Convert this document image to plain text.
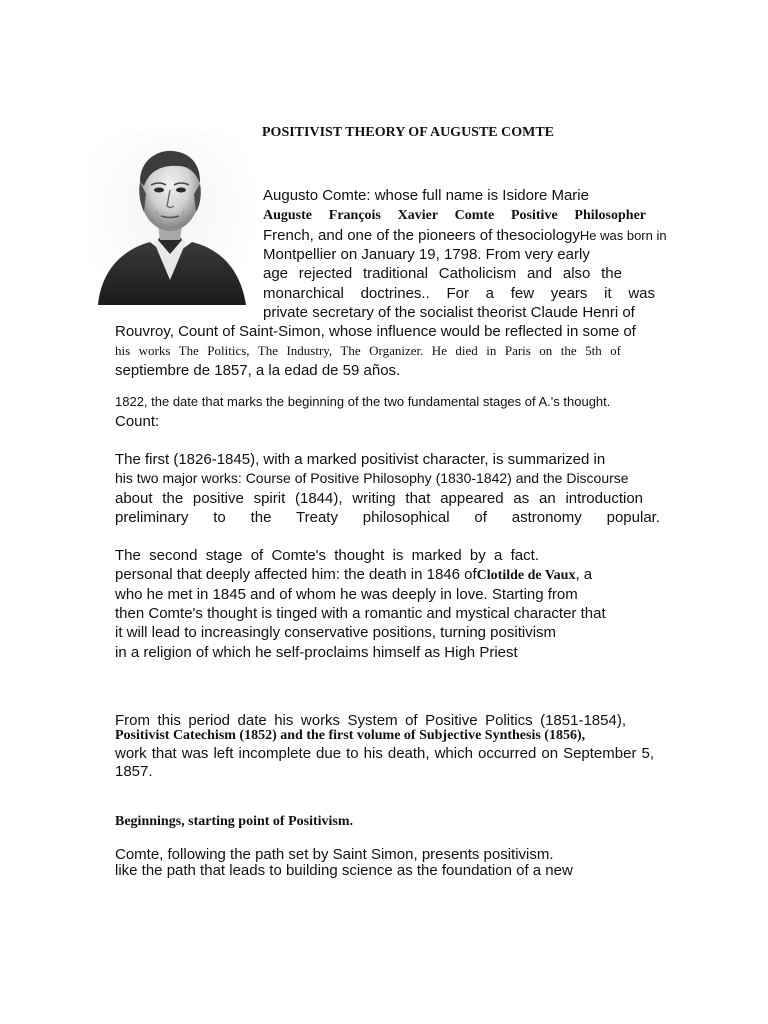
POSITIVIST THEORY OF AUGUSTE COMTE
Augusto Comte: whose full name is Isidore Marie
Auguste François Xavier Comte Positive Philosopher
French, and one of the pioneers of thesociologyHe was born in
Montpellier on January 19, 1798. From very early
age rejected traditional Catholicism and also the
monarchical doctrines.. For a few years it was
private secretary of the socialist theorist Claude Henri of
Rouvroy, Count of Saint-Simon, whose influence would be reflected in some of
his works The Politics, The Industry, The Organizer. He died in Paris on the 5th of
septiembre de 1857, a la edad de 59 años.
1822, the date that marks the beginning of the two fundamental stages of A.'s thought.
Count:
The first (1826-1845), with a marked positivist character, is summarized in
his two major works: Course of Positive Philosophy (1830-1842) and the Discourse
about the positive spirit (1844), writing that appeared as an introduction
preliminary to the Treaty philosophical of astronomy popular.
The second stage of Comte's thought is marked by a fact.
personal that deeply affected him: the death in 1846 ofClotilde de Vaux, a
who he met in 1845 and of whom he was deeply in love. Starting from
then Comte's thought is tinged with a romantic and mystical character that
it will lead to increasingly conservative positions, turning positivism
in a religion of which he self-proclaims himself as High Priest
From this period date his works System of Positive Politics (1851-1854),
Positivist Catechism (1852) and the first volume of Subjective Synthesis (1856),
work that was left incomplete due to his death, which occurred on September 5,
1857.
Beginnings, starting point of Positivism.
Comte, following the path set by Saint Simon, presents positivism.
like the path that leads to building science as the foundation of a new
